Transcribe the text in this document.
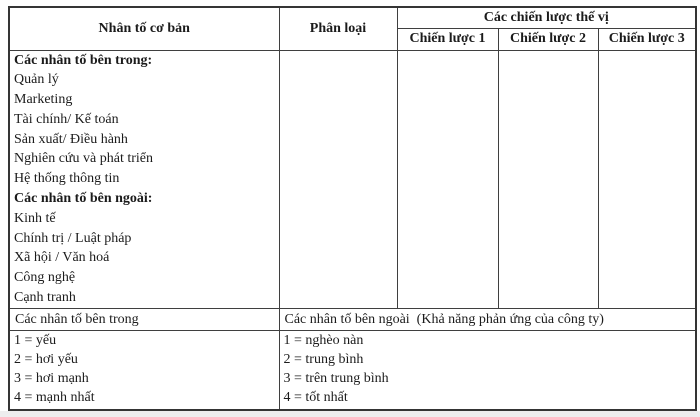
Nhân tố cơ bản	Phân loại	Các chiến lược thế vị		
		Chiến lược 1	Chiến lược 2	Chiến lược 3

Các nhân tố bên trong:
Quản lý
Marketing
Tài chính/ Kế toán
Sản xuất/ Điều hành
Nghiên cứu và phát triển
Hệ thống thông tin
Các nhân tố bên ngoài:
Kinh tế
Chính trị / Luật pháp
Xã hội / Văn hoá
Công nghệ
Cạnh tranh

Các nhân tố bên trong	Các nhân tố bên ngoài  (Khả năng phản ứng của công ty)			

1 = yếu
2 = hơi yếu
3 = hơi mạnh
4 = mạnh nhất

1 = nghèo nàn
2 = trung bình
3 = trên trung bình
4 = tốt nhất
